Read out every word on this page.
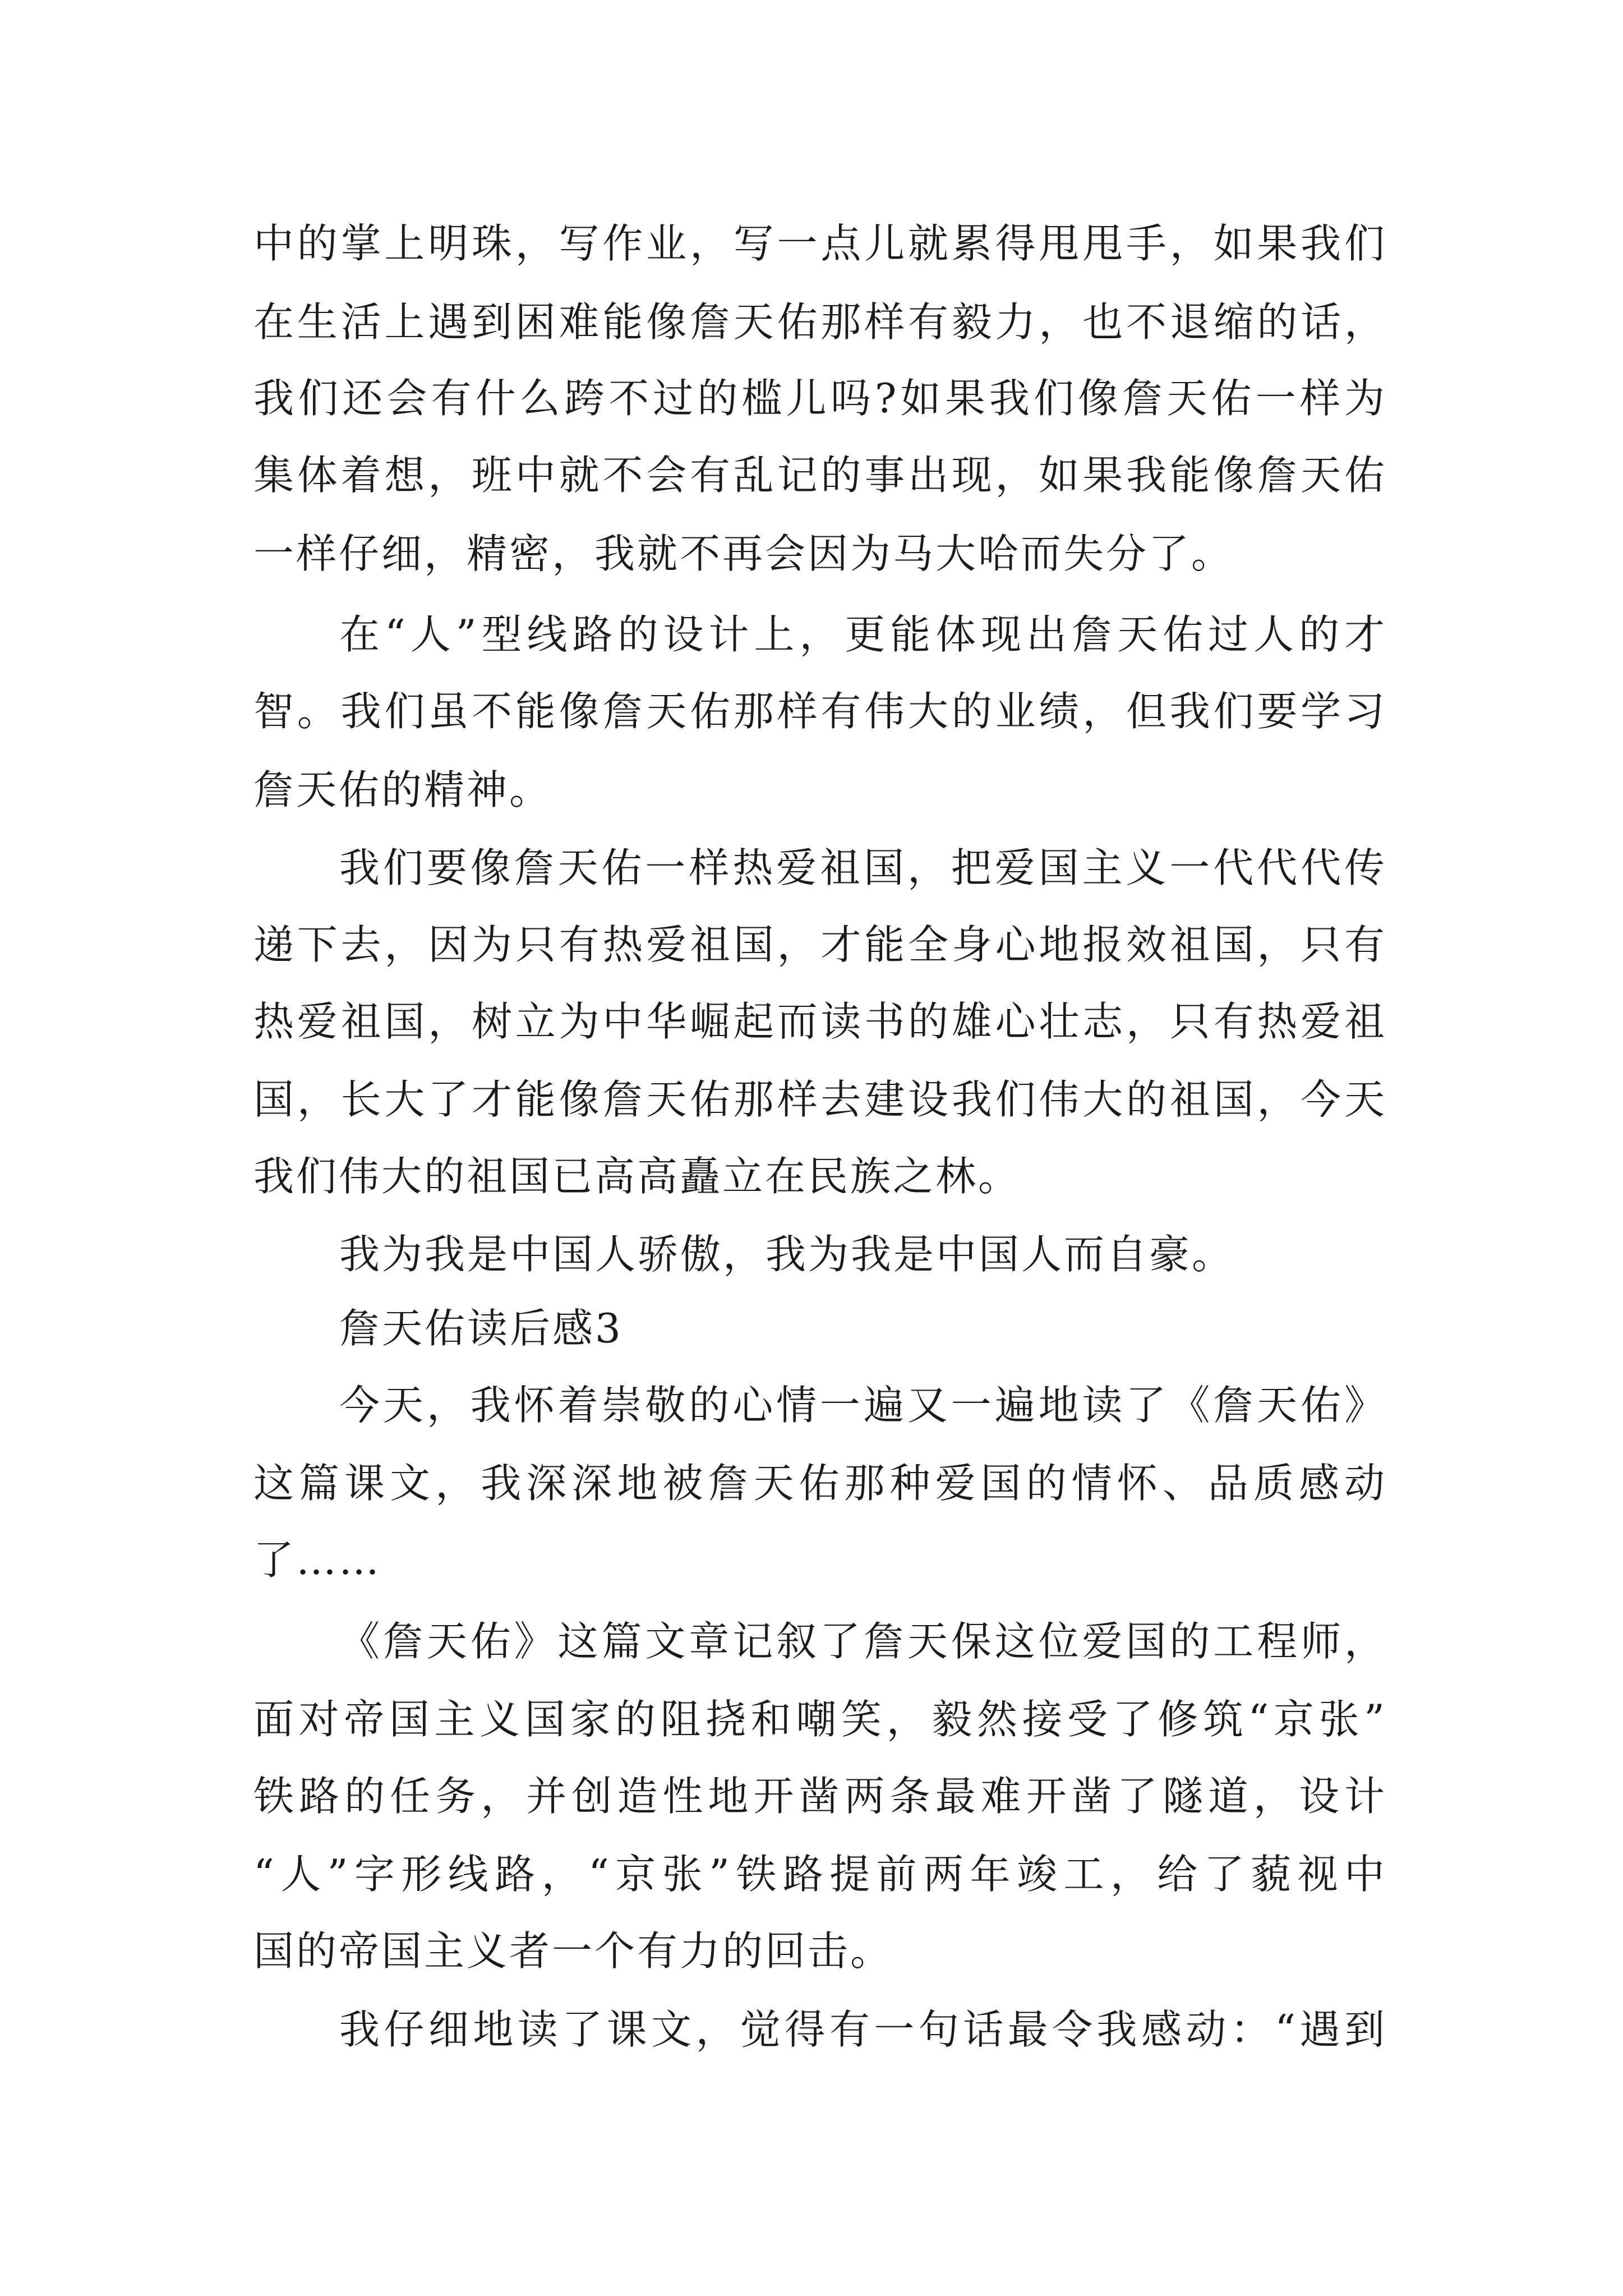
中的掌上明珠，写作业，写一点儿就累得甩甩手，如果我们
在生活上遇到困难能像詹天佑那样有毅力，也不退缩的话，
我们还会有什么跨不过的槛儿吗?如果我们像詹天佑一样为
集体着想，班中就不会有乱记的事出现，如果我能像詹天佑
一样仔细，精密，我就不再会因为马大哈而失分了。
在“人”型线路的设计上，更能体现出詹天佑过人的才
智。我们虽不能像詹天佑那样有伟大的业绩，但我们要学习
詹天佑的精神。
我们要像詹天佑一样热爱祖国，把爱国主义一代代代传
递下去，因为只有热爱祖国，才能全身心地报效祖国，只有
热爱祖国，树立为中华崛起而读书的雄心壮志，只有热爱祖
国，长大了才能像詹天佑那样去建设我们伟大的祖国，今天
我们伟大的祖国已高高矗立在民族之林。
我为我是中国人骄傲，我为我是中国人而自豪。
詹天佑读后感3
今天，我怀着崇敬的心情一遍又一遍地读了《詹天佑》
这篇课文，我深深地被詹天佑那种爱国的情怀、品质感动
了……
《詹天佑》这篇文章记叙了詹天保这位爱国的工程师，
面对帝国主义国家的阻挠和嘲笑，毅然接受了修筑“京张”
铁路的任务，并创造性地开凿两条最难开凿了隧道，设计
“人”字形线路，“京张”铁路提前两年竣工，给了藐视中
国的帝国主义者一个有力的回击。
我仔细地读了课文，觉得有一句话最令我感动：“遇到
